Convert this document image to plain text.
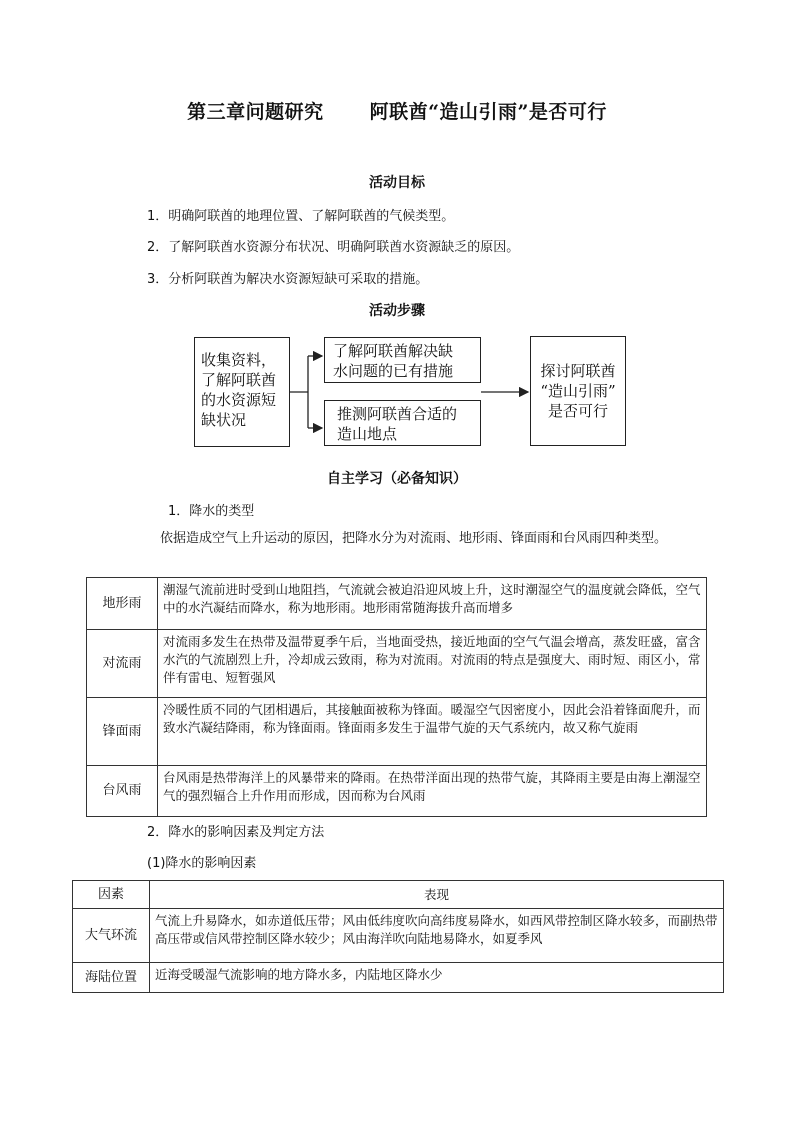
第三章问题研究 阿联酋“造山引雨”是否可行
活动目标
1．明确阿联酋的地理位置、了解阿联酋的气候类型。
2．了解阿联酋水资源分布状况、明确阿联酋水资源缺乏的原因。
3．分析阿联酋为解决水资源短缺可采取的措施。
活动步骤
收集资料，
了解阿联酋
的水资源短
缺状况
了解阿联酋解决缺
水问题的已有措施
推测阿联酋合适的
造山地点
探讨阿联酋
“造山引雨”
是否可行
自主学习（必备知识）
1．降水的类型
依据造成空气上升运动的原因，把降水分为对流雨、地形雨、锋面雨和台风雨四种类型。
地形雨	潮湿气流前进时受到山地阻挡，气流就会被迫沿迎风坡上升，这时潮湿空气的温度就会降低，空气中的水汽凝结而降水，称为地形雨。地形雨常随海拔升高而增多
对流雨	对流雨多发生在热带及温带夏季午后，当地面受热，接近地面的空气气温会增高，蒸发旺盛，富含水汽的气流剧烈上升，冷却成云致雨，称为对流雨。对流雨的特点是强度大、雨时短、雨区小，常伴有雷电、短暂强风
锋面雨	冷暖性质不同的气团相遇后，其接触面被称为锋面。暖湿空气因密度小，因此会沿着锋面爬升，而致水汽凝结降雨，称为锋面雨。锋面雨多发生于温带气旋的天气系统内，故又称气旋雨
台风雨	台风雨是热带海洋上的风暴带来的降雨。在热带洋面出现的热带气旋，其降雨主要是由海上潮湿空气的强烈辐合上升作用而形成，因而称为台风雨
2．降水的影响因素及判定方法
(1)降水的影响因素
因素	表现
大气环流	气流上升易降水，如赤道低压带；风由低纬度吹向高纬度易降水，如西风带控制区降水较多，而副热带高压带或信风带控制区降水较少；风由海洋吹向陆地易降水，如夏季风
海陆位置	近海受暖湿气流影响的地方降水多，内陆地区降水少
